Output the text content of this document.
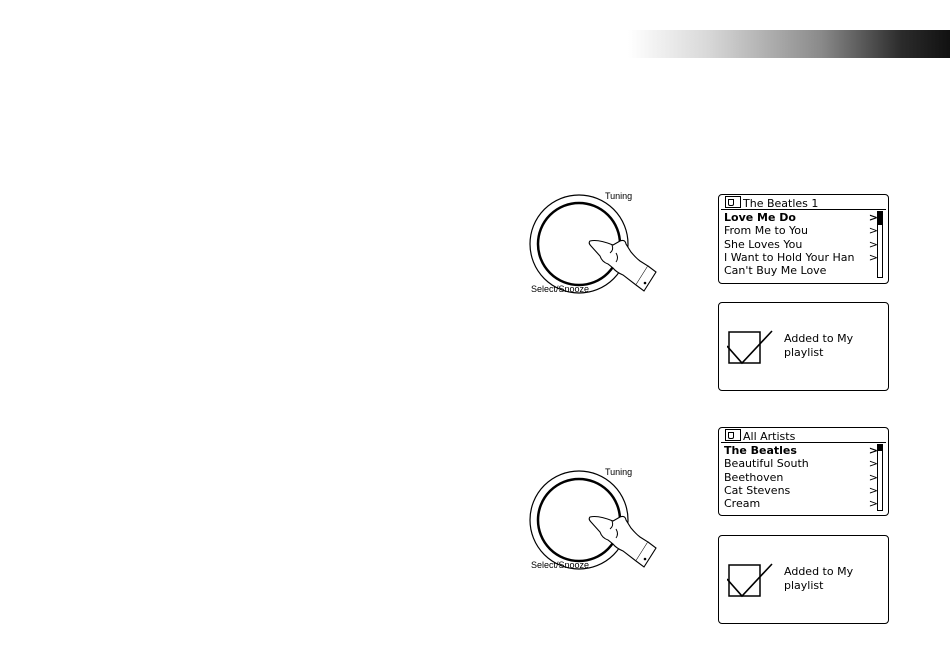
Tuning
Select/Snooze
Tuning
Select/Snooze
The Beatles 1
Love Me Do	>
From Me to You	>
She Loves You	>
I Want to Hold Your Han >
Can't Buy Me Love
Added to My
playlist
All Artists
The Beatles	>
Beautiful South	>
Beethoven	>
Cat Stevens	>
Cream	>
Added to My
playlist
